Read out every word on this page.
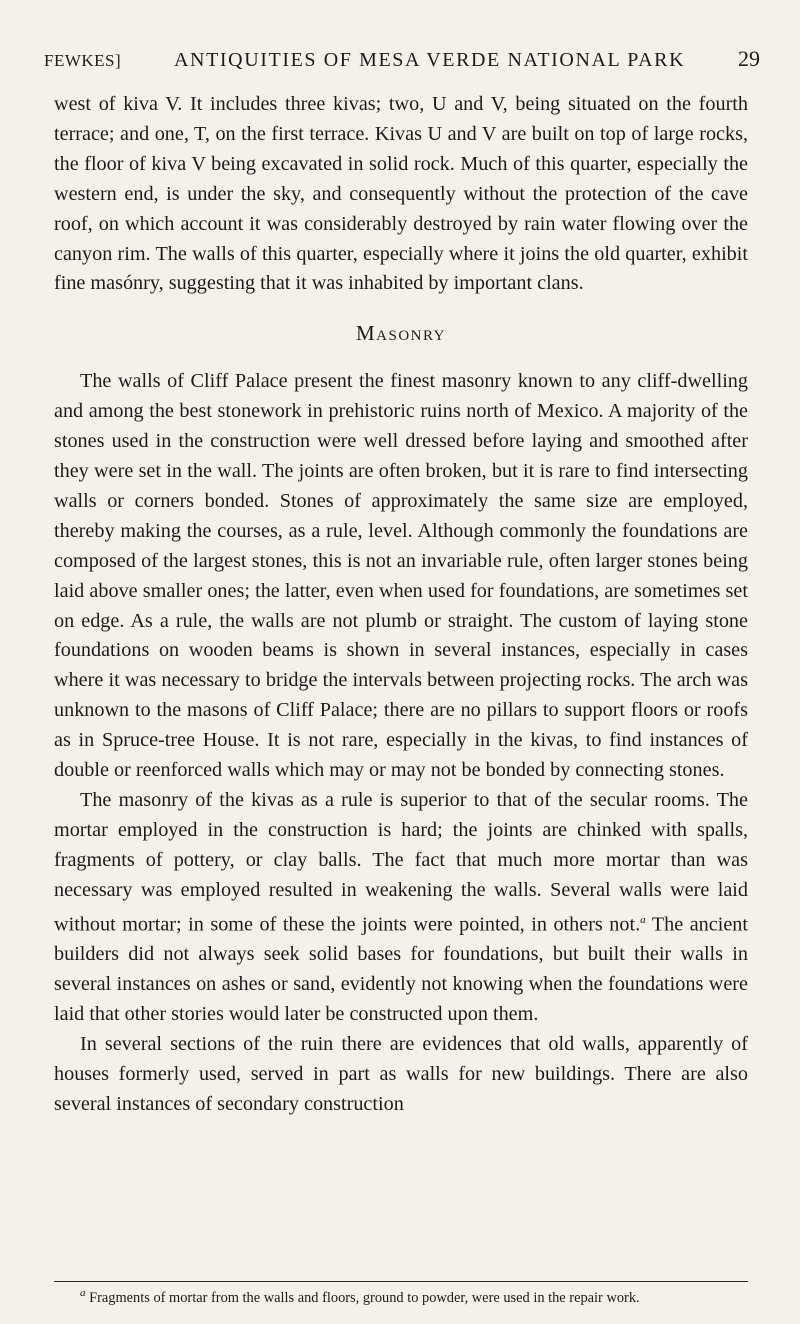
FEWKES]	ANTIQUITIES OF MESA VERDE NATIONAL PARK 29

west of kiva V. It includes three kivas; two, U and V, being situated on the fourth terrace; and one, T, on the first terrace. Kivas U and V are built on top of large rocks, the floor of kiva V being excavated in solid rock. Much of this quarter, especially the western end, is under the sky, and consequently without the protection of the cave roof, on which account it was considerably destroyed by rain water flowing over the canyon rim. The walls of this quarter, especially where it joins the old quarter, exhibit fine masónry, suggesting that it was inhabited by important clans.

Masonry

The walls of Cliff Palace present the finest masonry known to any cliff-dwelling and among the best stonework in prehistoric ruins north of Mexico. A majority of the stones used in the construction were well dressed before laying and smoothed after they were set in the wall. The joints are often broken, but it is rare to find intersecting walls or corners bonded. Stones of approximately the same size are employed, thereby making the courses, as a rule, level. Although commonly the foundations are composed of the largest stones, this is not an invariable rule, often larger stones being laid above smaller ones; the latter, even when used for foundations, are sometimes set on edge. As a rule, the walls are not plumb or straight. The custom of laying stone foundations on wooden beams is shown in several instances, especially in cases where it was necessary to bridge the intervals between projecting rocks. The arch was unknown to the masons of Cliff Palace; there are no pillars to support floors or roofs as in Spruce-tree House. It is not rare, especially in the kivas, to find instances of double or reenforced walls which may or may not be bonded by connecting stones.

The masonry of the kivas as a rule is superior to that of the secular rooms. The mortar employed in the construction is hard; the joints are chinked with spalls, fragments of pottery, or clay balls. The fact that much more mortar than was necessary was employed resulted in weakening the walls. Several walls were laid without mortar; in some of these the joints were pointed, in others not.$^a$ The ancient builders did not always seek solid bases for foundations, but built their walls in several instances on ashes or sand, evidently not knowing when the foundations were laid that other stories would later be constructed upon them.

In several sections of the ruin there are evidences that old walls, apparently of houses formerly used, served in part as walls for new buildings. There are also several instances of secondary construction

$^a$ Fragments of mortar from the walls and floors, ground to powder, were used in the repair work.
